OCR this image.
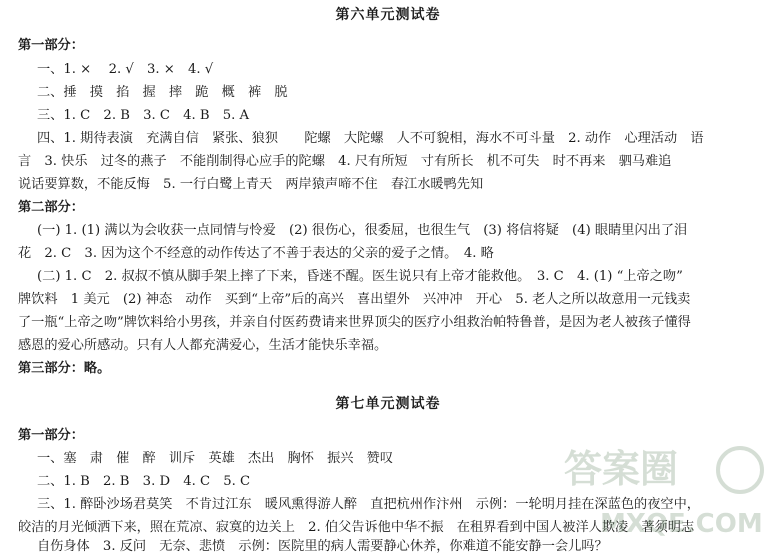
第六单元测试卷
第一部分：
一、1. ×　 2. √　3. ×　4. √
二、捶　摸　掐　握　摔　跪　概　裤　脱
三、1. C　2. B　3. C　4. B　5. A
四、1. 期待表演　充满自信　紧张、狼狈　　陀螺　大陀螺　人不可貌相，海水不可斗量　2. 动作　心理活动　语
言　3. 快乐　过冬的燕子　不能削制得心应手的陀螺　4. 尺有所短　寸有所长　机不可失　时不再来　驷马难追
说话要算数，不能反悔　5. 一行白鹭上青天　两岸猿声啼不住　春江水暖鸭先知
第二部分：
(一) 1. (1) 满以为会收获一点同情与怜爱　(2) 很伤心，很委屈，也很生气　(3) 将信将疑　(4) 眼睛里闪出了泪
花　2. C　3. 因为这个不经意的动作传达了不善于表达的父亲的爱子之情。　4. 略
(二) 1. C　2. 叔叔不慎从脚手架上摔了下来，昏迷不醒。医生说只有上帝才能救他。　3. C　4. (1) “上帝之吻”
牌饮料　1 美元　(2) 神态　动作　买到“上帝”后的高兴　喜出望外　兴冲冲　开心　5. 老人之所以故意用一元钱卖
了一瓶“上帝之吻”牌饮料给小男孩，并亲自付医药费请来世界顶尖的医疗小组救治帕特鲁普，是因为老人被孩子懂得
感恩的爱心所感动。只有人人都充满爱心，生活才能快乐幸福。
第三部分：略。
第七单元测试卷
第一部分：
一、塞　肃　催　醉　训斥　英雄　杰出　胸怀　振兴　赞叹
二、1. B　2. B　3. D　4. C　5. C
三、1. 醉卧沙场君莫笑　不肯过江东　暖风熏得游人醉　直把杭州作汴州　示例：一轮明月挂在深蓝色的夜空中，
皎洁的月光倾洒下来，照在荒凉、寂寞的边关上　2. 伯父告诉他中华不振　在租界看到中国人被洋人欺凌　著须明志
自伤身体　3. 反问　无奈、悲愤　示例：医院里的病人需要静心休养，你难道不能安静一会儿吗？
答案圈
MXQE.COM
